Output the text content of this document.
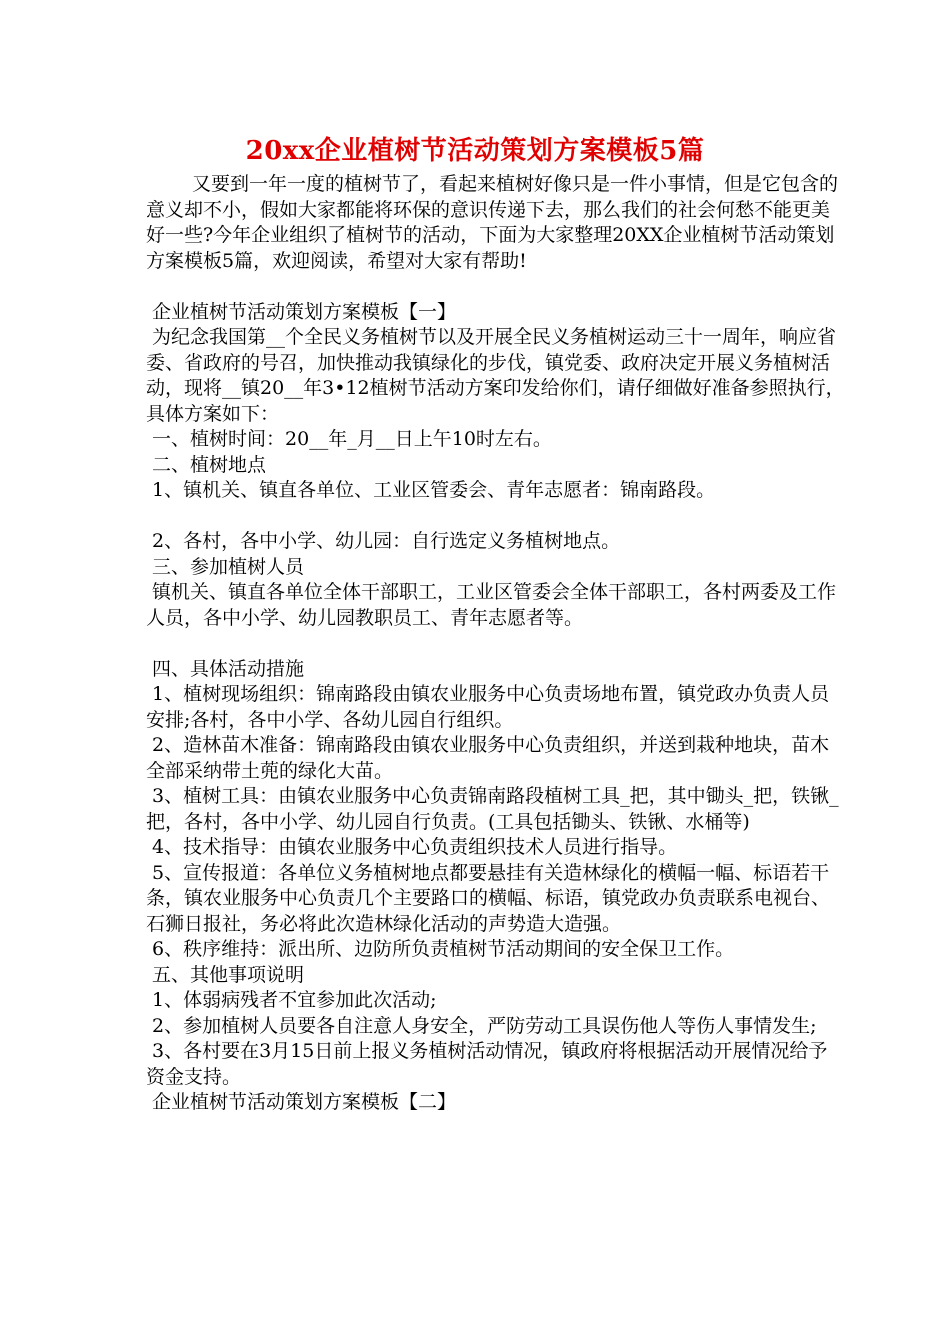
20xx企业植树节活动策划方案模板5篇

又要到一年一度的植树节了，看起来植树好像只是一件小事情，但是它包含的意义却不小，假如大家都能将环保的意识传递下去，那么我们的社会何愁不能更美好一些?今年企业组织了植树节的活动，下面为大家整理20XX企业植树节活动策划方案模板5篇，欢迎阅读，希望对大家有帮助!

企业植树节活动策划方案模板【一】

为纪念我国第__个全民义务植树节以及开展全民义务植树运动三十一周年，响应省委、省政府的号召，加快推动我镇绿化的步伐，镇党委、政府决定开展义务植树活动，现将__镇20__年3•12植树节活动方案印发给你们，请仔细做好准备参照执行，具体方案如下：

一、植树时间：20__年_月__日上午10时左右。

二、植树地点

1、镇机关、镇直各单位、工业区管委会、青年志愿者：锦南路段。

2、各村，各中小学、幼儿园：自行选定义务植树地点。

三、参加植树人员

镇机关、镇直各单位全体干部职工，工业区管委会全体干部职工，各村两委及工作人员，各中小学、幼儿园教职员工、青年志愿者等。

四、具体活动措施

1、植树现场组织：锦南路段由镇农业服务中心负责场地布置，镇党政办负责人员安排;各村，各中小学、各幼儿园自行组织。

2、造林苗木准备：锦南路段由镇农业服务中心负责组织，并送到栽种地块，苗木全部采纳带土蔸的绿化大苗。

3、植树工具：由镇农业服务中心负责锦南路段植树工具_把，其中锄头_把，铁锹_把，各村，各中小学、幼儿园自行负责。(工具包括锄头、铁锹、水桶等)

4、技术指导：由镇农业服务中心负责组织技术人员进行指导。

5、宣传报道：各单位义务植树地点都要悬挂有关造林绿化的横幅一幅、标语若干条，镇农业服务中心负责几个主要路口的横幅、标语，镇党政办负责联系电视台、石狮日报社，务必将此次造林绿化活动的声势造大造强。

6、秩序维持：派出所、边防所负责植树节活动期间的安全保卫工作。

五、其他事项说明

1、体弱病残者不宜参加此次活动;

2、参加植树人员要各自注意人身安全，严防劳动工具误伤他人等伤人事情发生;

3、各村要在3月15日前上报义务植树活动情况，镇政府将根据活动开展情况给予资金支持。

企业植树节活动策划方案模板【二】
